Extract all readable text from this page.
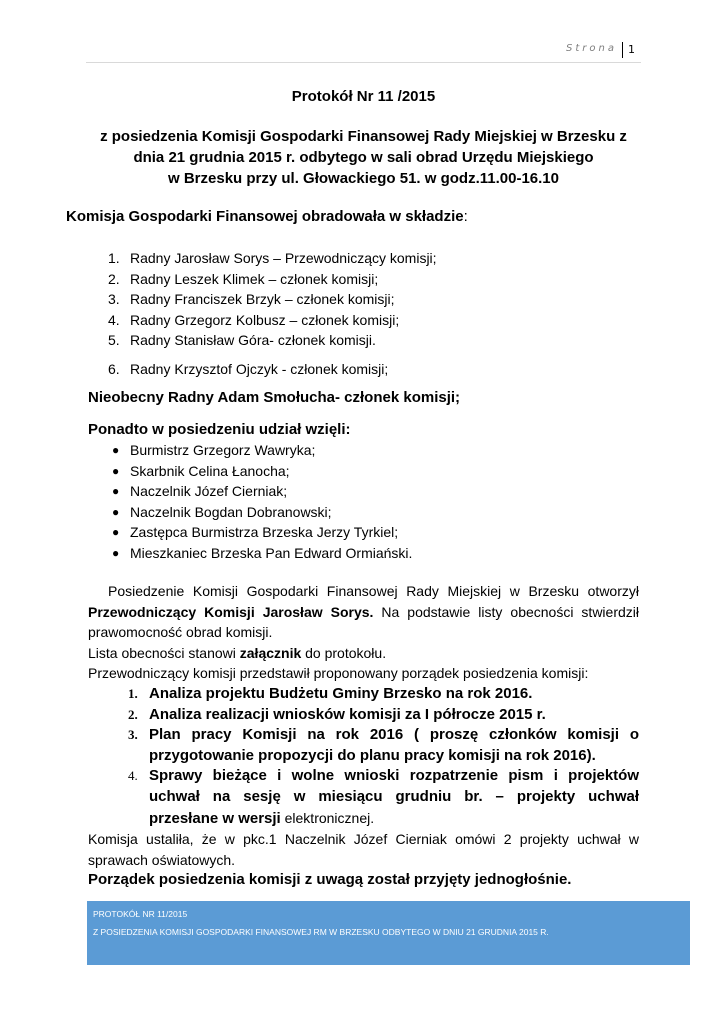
Strona 1
Protokół Nr 11 /2015
z posiedzenia Komisji Gospodarki Finansowej Rady Miejskiej w Brzesku z
dnia 21 grudnia 2015 r. odbytego w sali obrad Urzędu Miejskiego
w Brzesku przy ul. Głowackiego 51. w godz.11.00-16.10
Komisja Gospodarki Finansowej obradowała w składzie:
1. Radny Jarosław Sorys – Przewodniczący komisji;
2. Radny Leszek Klimek – członek komisji;
3. Radny Franciszek Brzyk – członek komisji;
4. Radny Grzegorz Kolbusz – członek komisji;
5. Radny Stanisław Góra- członek komisji.
6. Radny Krzysztof Ojczyk - członek komisji;
Nieobecny Radny Adam Smołucha- członek komisji;
Ponadto w posiedzeniu udział wzięli:
● Burmistrz Grzegorz Wawryka;
● Skarbnik Celina Łanocha;
● Naczelnik Józef Cierniak;
● Naczelnik Bogdan Dobranowski;
● Zastępca Burmistrza Brzeska Jerzy Tyrkiel;
● Mieszkaniec Brzeska Pan Edward Ormiański.
Posiedzenie Komisji Gospodarki Finansowej Rady Miejskiej w Brzesku otworzył
Przewodniczący Komisji Jarosław Sorys. Na podstawie listy obecności stwierdził
prawomocność obrad komisji.
Lista obecności stanowi załącznik do protokołu.
Przewodniczący komisji przedstawił proponowany porządek posiedzenia komisji:
1. Analiza projektu Budżetu Gminy Brzesko na rok 2016.
2. Analiza realizacji wniosków komisji za I półrocze 2015 r.
3. Plan pracy Komisji na rok 2016 ( proszę członków komisji o
przygotowanie propozycji do planu pracy komisji na rok 2016).
4. Sprawy bieżące i wolne wnioski rozpatrzenie pism i projektów
uchwał na sesję w miesiącu grudniu br. – projekty uchwał
przesłane w wersji elektronicznej.
Komisja ustaliła, że w pkc.1 Naczelnik Józef Cierniak omówi 2 projekty uchwał w
sprawach oświatowych.
Porządek posiedzenia komisji z uwagą został przyjęty jednogłośnie.
PROTOKÓŁ NR 11/2015
Z POSIEDZENIA KOMISJI GOSPODARKI FINANSOWEJ RM W BRZESKU ODBYTEGO W DNIU 21 GRUDNIA 2015 R.
